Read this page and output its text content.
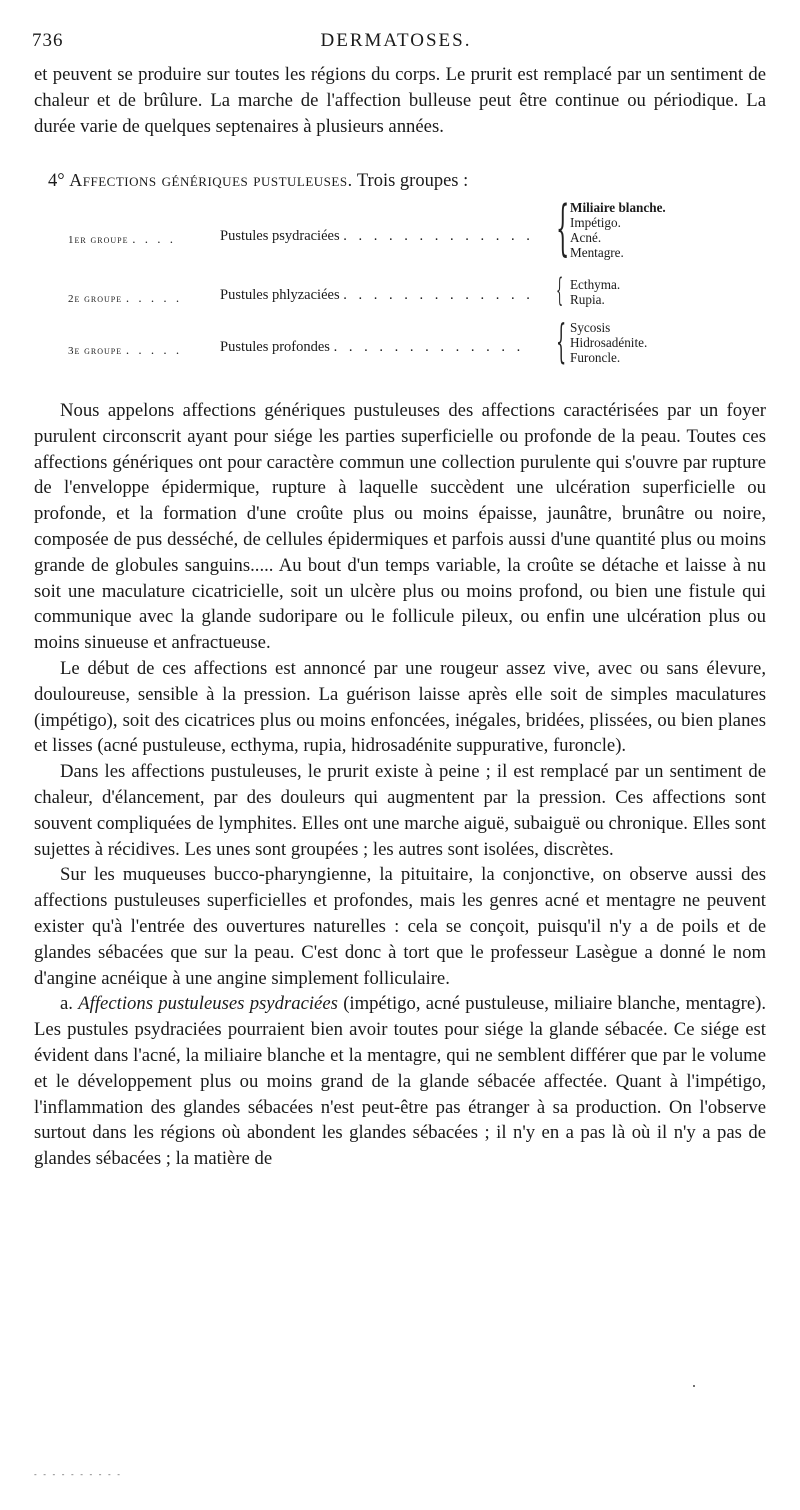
736	DERMATOSES.

et peuvent se produire sur toutes les régions du corps. Le prurit est remplacé par un sentiment de chaleur et de brûlure. La marche de l'affection bulleuse peut être continue ou périodique. La durée varie de quelques septenaires à plusieurs années.

4° Affections génériques pustuleuses. Trois groupes :
1er groupe . . . .	Pustules psydraciées . . . . . . . . . . . . . { Miliaire blanche.
Impétigo.
Acné.
Mentagre.
2e groupe . . . . .	Pustules phlyzaciées . . . . . . . . . . . . . { Ecthyma.
Rupia.
3e groupe . . . . .	Pustules profondes . . . . . . . . . . . . . { Sycosis
Hidrosadénite.
Furoncle.

Nous appelons affections génériques pustuleuses des affections caractérisées par un foyer purulent circonscrit ayant pour siége les parties superficielle ou profonde de la peau. Toutes ces affections génériques ont pour caractère commun une collection purulente qui s'ouvre par rupture de l'enveloppe épidermique, rupture à laquelle succèdent une ulcération superficielle ou profonde, et la formation d'une croûte plus ou moins épaisse, jaunâtre, brunâtre ou noire, composée de pus desséché, de cellules épidermiques et parfois aussi d'une quantité plus ou moins grande de globules sanguins..... Au bout d'un temps variable, la croûte se détache et laisse à nu soit une maculature cicatricielle, soit un ulcère plus ou moins profond, ou bien une fistule qui communique avec la glande sudoripare ou le follicule pileux, ou enfin une ulcération plus ou moins sinueuse et anfractueuse.

Le début de ces affections est annoncé par une rougeur assez vive, avec ou sans élevure, douloureuse, sensible à la pression. La guérison laisse après elle soit de simples maculatures (impétigo), soit des cicatrices plus ou moins enfoncées, inégales, bridées, plissées, ou bien planes et lisses (acné pustuleuse, ecthyma, rupia, hidrosadénite suppurative, furoncle).

Dans les affections pustuleuses, le prurit existe à peine ; il est remplacé par un sentiment de chaleur, d'élancement, par des douleurs qui augmentent par la pression. Ces affections sont souvent compliquées de lymphites. Elles ont une marche aiguë, subaiguë ou chronique. Elles sont sujettes à récidives. Les unes sont groupées ; les autres sont isolées, discrètes.

Sur les muqueuses bucco-pharyngienne, la pituitaire, la conjonctive, on observe aussi des affections pustuleuses superficielles et profondes, mais les genres acné et mentagre ne peuvent exister qu'à l'entrée des ouvertures naturelles : cela se conçoit, puisqu'il n'y a de poils et de glandes sébacées que sur la peau. C'est donc à tort que le professeur Lasègue a donné le nom d'angine acnéique à une angine simplement folliculaire.

a. Affections pustuleuses psydraciées (impétigo, acné pustuleuse, miliaire blanche, mentagre). Les pustules psydraciées pourraient bien avoir toutes pour siége la glande sébacée. Ce siége est évident dans l'acné, la miliaire blanche et la mentagre, qui ne semblent différer que par le volume et le développement plus ou moins grand de la glande sébacée affectée. Quant à l'impétigo, l'inflammation des glandes sébacées n'est peut-être pas étranger à sa production. On l'observe surtout dans les régions où abondent les glandes sébacées ; il n'y en a pas là où il n'y a pas de glandes sébacées ; la matière de

- - - - - - - - - -
